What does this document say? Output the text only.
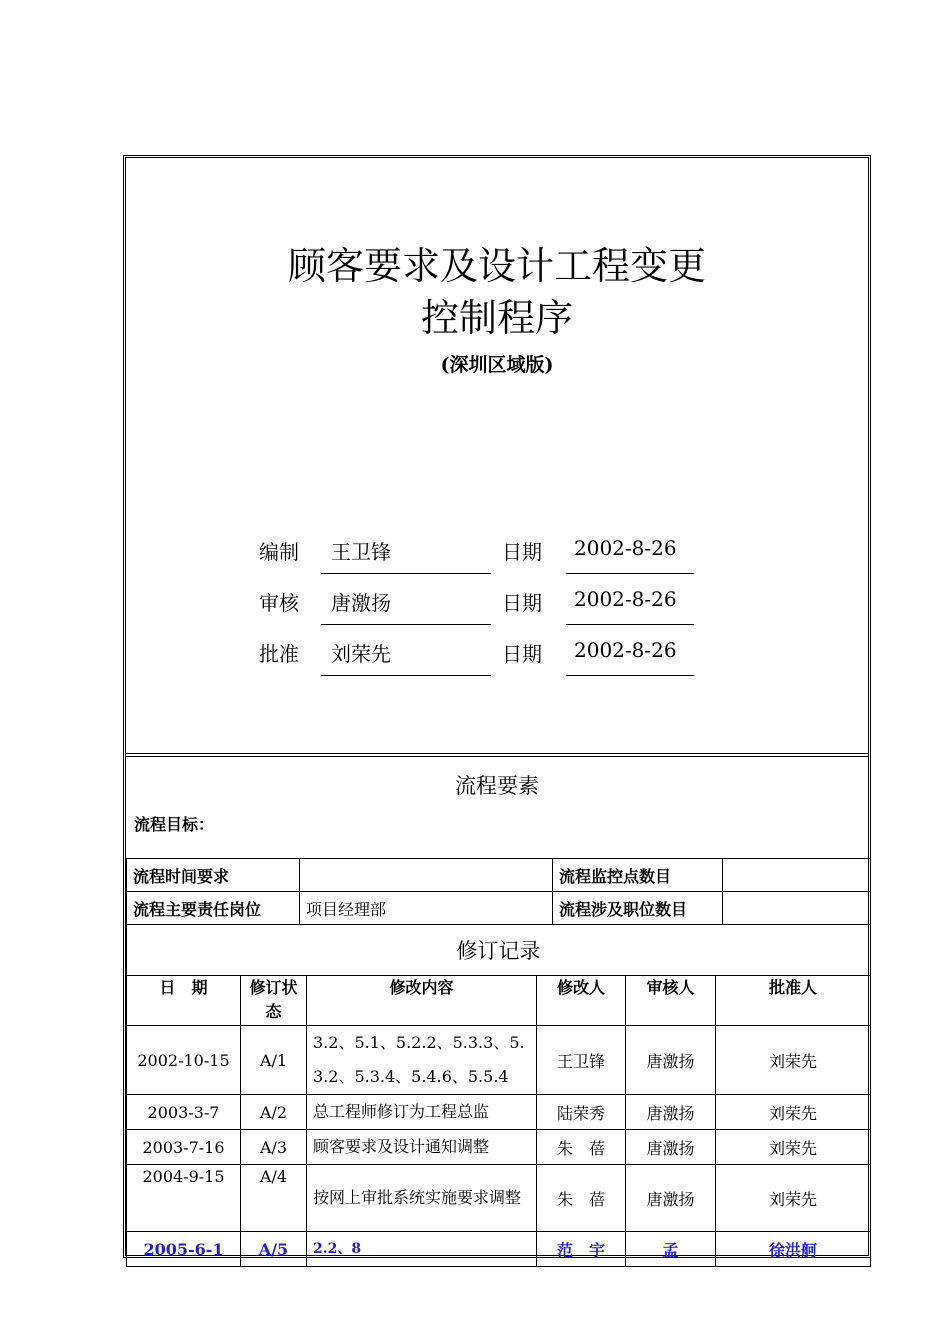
顾客要求及设计工程变更
控制程序
(深圳区域版)
编制	王卫锋	日期	2002-8-26
审核	唐激扬	日期	2002-8-26
批准	刘荣先	日期	2002-8-26
流程要素
流程目标：
流程时间要求		流程监控点数目	
流程主要责任岗位	项目经理部	流程涉及职位数目	
修订记录					
日　期	修订状态	修改内容	修改人	审核人	批准人
2002-10-15	A/1	3.2、5.1、5.2.2、5.3.3、5.3.2、5.3.4、5.4.6、5.5.4	王卫锋	唐激扬	刘荣先
2003-3-7	A/2	总工程师修订为工程总监	陆荣秀	唐激扬	刘荣先
2003-7-16	A/3	顾客要求及设计通知调整	朱　蓓	唐激扬	刘荣先
2004-9-15	A/4	按网上审批系统实施要求调整	朱　蓓	唐激扬	刘荣先
2005-6-1	A/5	2.2、8	范　宇	孟	徐洪舸
